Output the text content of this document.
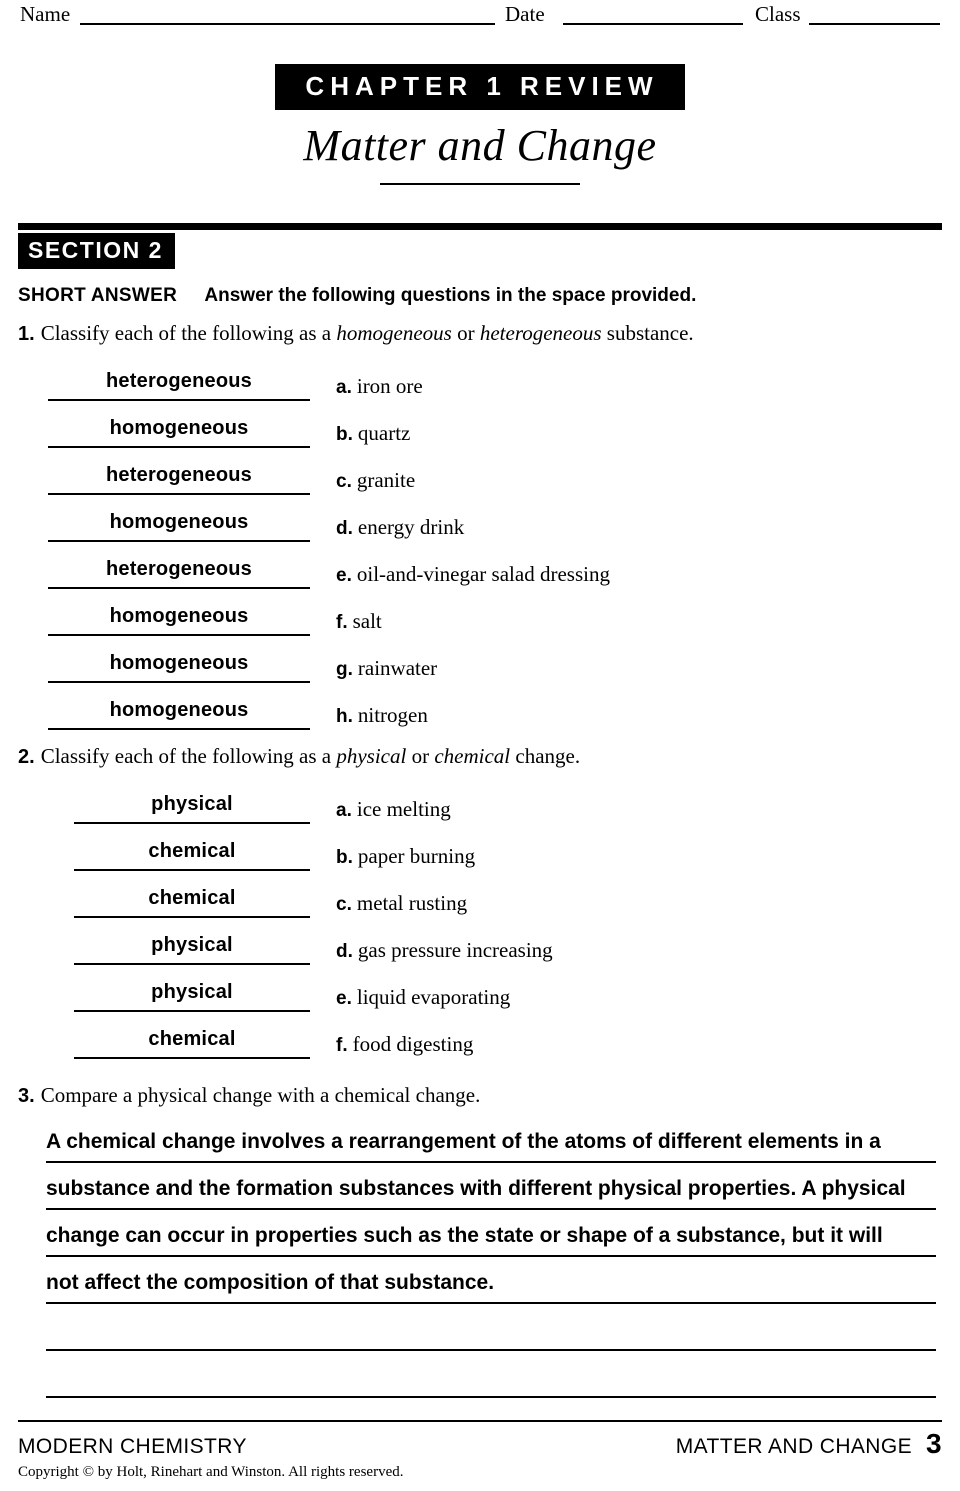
Name	Date	Class
CHAPTER 1 REVIEW
Matter and Change
SECTION 2
SHORT ANSWER Answer the following questions in the space provided.
1. Classify each of the following as a homogeneous or heterogeneous substance.
heterogeneous	a. iron ore
homogeneous	b. quartz
heterogeneous	c. granite
homogeneous	d. energy drink
heterogeneous	e. oil-and-vinegar salad dressing
homogeneous	f. salt
homogeneous	g. rainwater
homogeneous	h. nitrogen
2. Classify each of the following as a physical or chemical change.
physical	a. ice melting
chemical	b. paper burning
chemical	c. metal rusting
physical	d. gas pressure increasing
physical	e. liquid evaporating
chemical	f. food digesting
3. Compare a physical change with a chemical change.
A chemical change involves a rearrangement of the atoms of different elements in a
substance and the formation substances with different physical properties. A physical
change can occur in properties such as the state or shape of a substance, but it will
not affect the composition of that substance.
MODERN CHEMISTRY	MATTER AND CHANGE 3
Copyright © by Holt, Rinehart and Winston. All rights reserved.
